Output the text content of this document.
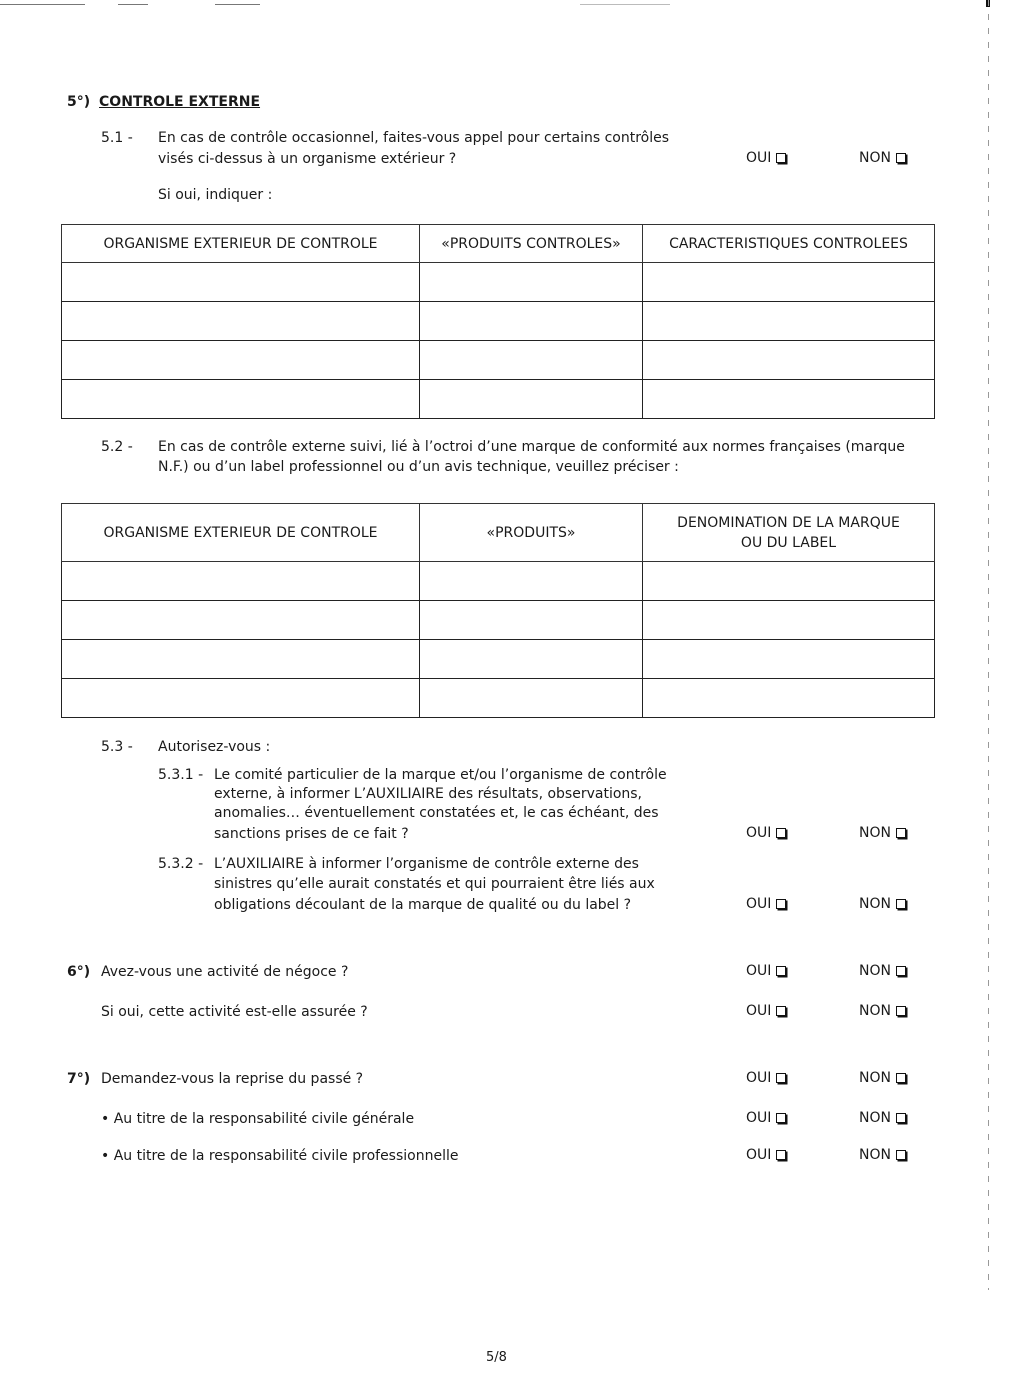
5°) CONTROLE EXTERNE
5.1 - En cas de contrôle occasionnel, faites-vous appel pour certains contrôles
visés ci-dessus à un organisme extérieur ?	OUI	NON
Si oui, indiquer :
ORGANISME EXTERIEUR DE CONTROLE	«PRODUITS CONTROLES»	CARACTERISTIQUES CONTROLEES

5.2 - En cas de contrôle externe suivi, lié à l’octroi d’une marque de conformité aux normes françaises (marque
N.F.) ou d’un label professionnel ou d’un avis technique, veuillez préciser :
ORGANISME EXTERIEUR DE CONTROLE	«PRODUITS»	DENOMINATION DE LA MARQUE
OU DU LABEL

5.3 - Autorisez-vous :
5.3.1 - Le comité particulier de la marque et/ou l’organisme de contrôle
externe, à informer L’AUXILIAIRE des résultats, observations,
anomalies… éventuellement constatées et, le cas échéant, des
sanctions prises de ce fait ?	OUI	NON
5.3.2 - L’AUXILIAIRE à informer l’organisme de contrôle externe des
sinistres qu’elle aurait constatés et qui pourraient être liés aux
obligations découlant de la marque de qualité ou du label ?	OUI	NON
6°) Avez-vous une activité de négoce ?	OUI	NON
Si oui, cette activité est-elle assurée ?	OUI	NON
7°) Demandez-vous la reprise du passé ?	OUI	NON
• Au titre de la responsabilité civile générale	OUI	NON
• Au titre de la responsabilité civile professionnelle	OUI	NON
5/8
